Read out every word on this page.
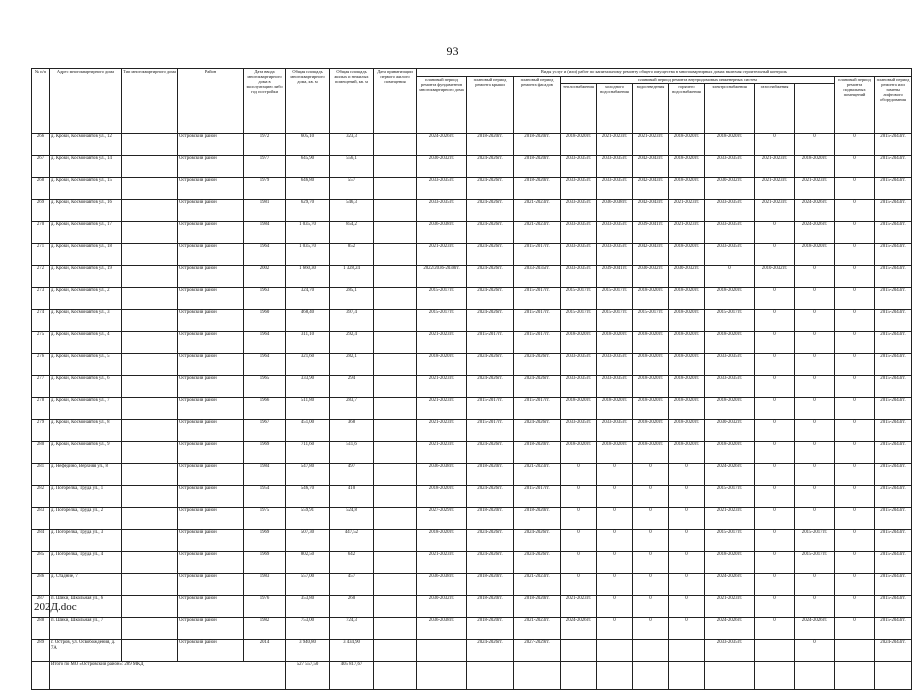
93
№ п/п	Адрес многоквартирного дома	Тип многоквартирного дома	Район	Дата ввода многоквартирного дома в эксплуатацию либо год постройки	Общая площадь многоквартирного дома, кв. м	Общая площадь жилых и нежилых помещений, кв. м	Дата приватизации первого жилого помещения	Виды услуг и (или) работ по капитальному ремонту общего имущества в многоквартирных домах включая строительный контроль												
								плановый период ремонта фундаментов многоквартирного дома	плановый период ремонта крыши	плановый период ремонта фасадов	плановый период ремонта внутридомовых инженерных систем							плановый период ремонта подвальных помещений	плановый период ремонта или замены лифтового оборудования	
											теплоснабжения	холодного водоснабжения	водоотведения	горячего водоснабжения	электроснабжения	газоснабжения				
266	д. Кроки, Космонавтов ул., 12		Островский район	1972	605,10	323,3		2024-2026гг.	2018-2020гг.	2018-2020гг.	2018-2020гг.	2021-2023гг.	2021-2023гг.	2018-2020гг.	2018-2020гг.	0	0	0	2015-2043гг.	
267	д. Кроки, Космонавтов ул., 14		Островский район	1977	645,90	556,1		2030-2032гг.	2024-2026гг.	2018-2020гг.	2033-2035гг.	2033-2035гг.	2042-2043гг.	2018-2020гг.	2033-2035гг.	2021-2023гг.	2018-2020гг.	0	2015-2043гг.	
268	д. Кроки, Космонавтов ул., 15		Островский район	1979	646,80	557		2033-2035гг.	2024-2026гг.	2018-2020гг.	2033-2035гг.	2033-2035гг.	2042-2043гг.	2018-2020гг.	2030-2032гг.	2021-2023гг.	2021-2023гг.	0	2015-2043гг.	
269	д. Кроки, Космонавтов ул., 16		Островский район	1981	629,70	546,3		2033-2035гг.	2024-2026гг.	2021-2023гг.	2033-2035гг.	2036-2038гг.	2042-2043гг.	2021-2023гг.	2033-2035гг.	2021-2023гг.	2024-2026гг.	0	2015-2043гг.	
270	д. Кроки, Космонавтов ул., 17		Островский район	1984	1 035,70	854,2		2036-2038гг.	2024-2026гг.	2021-2023гг.	2033-2035гг.	2033-2035гг.	2039-2041гг.	2021-2023гг.	2033-2035гг.	0	2024-2026гг.	0	2015-2043гг.	
271	д. Кроки, Космонавтов ул., 18		Островский район	1964	1 035,70	852		2021-2023гг.	2024-2026гг.	2015-2017гг.	2033-2035гг.	2033-2035гг.	2042-2043гг.	2018-2020гг.	2033-2035гг.	0	2018-2020гг.	0	2015-2043гг.	
272	д. Кроки, Космонавтов ул., 19		Островский район	2002	1 660,30	1 328,24		2022/2036-2038гг.	2024-2026гг.	2033-2035гг.	2033-2035гг.	2039-2041гг.	2030-2032гг.	2030-2032гг.	0	2010-2032гг.	0	0	2015-2043гг.	
273	д. Кроки, Космонавтов ул., 2		Островский район	1963	324,70	285,1		2015-2017гг.	2024-2026гг.	2015-2017гг.	2015-2017гг.	2015-2017гг.	2018-2020гг.	2018-2020гг.	2018-2020гг.	0	0	0	2015-2043гг.	
274	д. Кроки, Космонавтов ул., 3		Островский район	1960	468,40	397,4		2015-2017гг.	2024-2026гг.	2015-2017гг.	2015-2017гг.	2015-2017гг.	2015-2017гг.	2018-2020гг.	2015-2017гг.	0	0	0	2015-2043гг.	
275	д. Кроки, Космонавтов ул., 4		Островский район	1964	311,10	292,4		2021-2023гг.	2015-2017гг.	2015-2017гг.	2018-2020гг.	2018-2020гг.	2018-2020гг.	2018-2020гг.	2018-2020гг.	0	0	0	2015-2043гг.	
276	д. Кроки, Космонавтов ул., 5		Островский район	1964	321,60	282,1		2018-2020гг.	2024-2026гг.	2024-2026гг.	2033-2035гг.	2033-2035гг.	2018-2020гг.	2018-2020гг.	2033-2035гг.	0	0	0	2015-2043гг.	
277	д. Кроки, Космонавтов ул., 6		Островский район	1965	333,90	294		2021-2023гг.	2024-2026гг.	2024-2026гг.	2033-2035гг.	2033-2035гг.	2018-2020гг.	2018-2020гг.	2033-2035гг.	0	0	0	2015-2043гг.	
278	д. Кроки, Космонавтов ул., 7		Островский район	1966	511,80	283,7		2021-2023гг.	2015-2017гг.	2015-2017гг.	2018-2020гг.	2018-2020гг.	2018-2020гг.	2018-2020гг.	2018-2020гг.	0	0	0	2015-2043гг.	
279	д. Кроки, Космонавтов ул., 8		Островский район	1967	451,00	368		2021-2023гг.	2015-2017гг.	2024-2026гг.	2033-2035гг.	2033-2035гг.	2018-2020гг.	2018-2020гг.	2030-2032гг.	0	0	0	2015-2043гг.	
280	д. Кроки, Космонавтов ул., 9		Островский район	1969	711,60	511,6		2021-2023гг.	2024-2026гг.	2018-2020гг.	2018-2020гг.	2018-2020гг.	2018-2020гг.	2018-2020гг.	2018-2020гг.	0	0	0	2015-2043гг.	
281	д. Нефедино, Верхняя ул., 8		Островский район	1984	547,80	497		2036-2038гг.	2018-2020гг.	2021-2023гг.	0	0	0	0	2024-2026гг.	0	0	0	2015-2043гг.	
282	д. Погорелка, Труда ул., 1		Островский район	1954	546,70	410		2018-2020гг.	2024-2026гг.	2015-2017гг.	0	0	0	0	2015-2017гг.	0	0	0	2015-2043гг.	
283	д. Погорелка, Труда ул., 2		Островский район	1975	559,91	524,8		2027-2029гг.	2018-2020гг.	2018-2020гг.	0	0	0	0	2021-2023гг.	0	0	0	2015-2043гг.	
284	д. Погорелка, Труда ул., 3		Островский район	1969	507,30	447,52		2018-2020гг.	2024-2026гг.	2024-2026гг.	0	0	0	0	2015-2017гг.	0	2015-2017гг.	0	2015-2043гг.	
285	д. Погорелка, Труда ул., 4		Островский район	1969	802,50	642		2021-2023гг.	2024-2026гг.	2024-2026гг.	0	0	0	0	2018-2020гг.	0	2015-2017гг.	0	2015-2043гг.	
286	д. Стадние, 7		Островский район	1983	557,00	457		2036-2038гг.	2018-2020гг.	2021-2023гг.	0	0	0	0	2024-2026гг.	0	0	0	2015-2043гг.	
287	п. Шики, Школьная ул., 6		Островский район	1976	353,80	260		2030-2032гг.	2018-2020гг.	2018-2020гг.	2021-2023гг.	0	0	0	2021-2023гг.	0	0	0	2015-2043гг.	
288	п. Шики, Школьная ул., 7		Островский район	1982	753,00	724,3		2036-2038гг.	2018-2020гг.	2021-2023гг.	2024-2026гг.	0	0	0	2024-2026гг.	0	2024-2026гг.	0	2015-2043гг.	
289	г. Остров, ул. Освобождения, д. 7А		Островский район	2014	3 940,80	3 434,90			2024-2026гг.	2027-2029гг.					2033-2035гг.		0		2024-2043гг.	
	Итого по МО «Островский район»: 289 МКД				527 557,50	405 817,67														
202Д.doc
